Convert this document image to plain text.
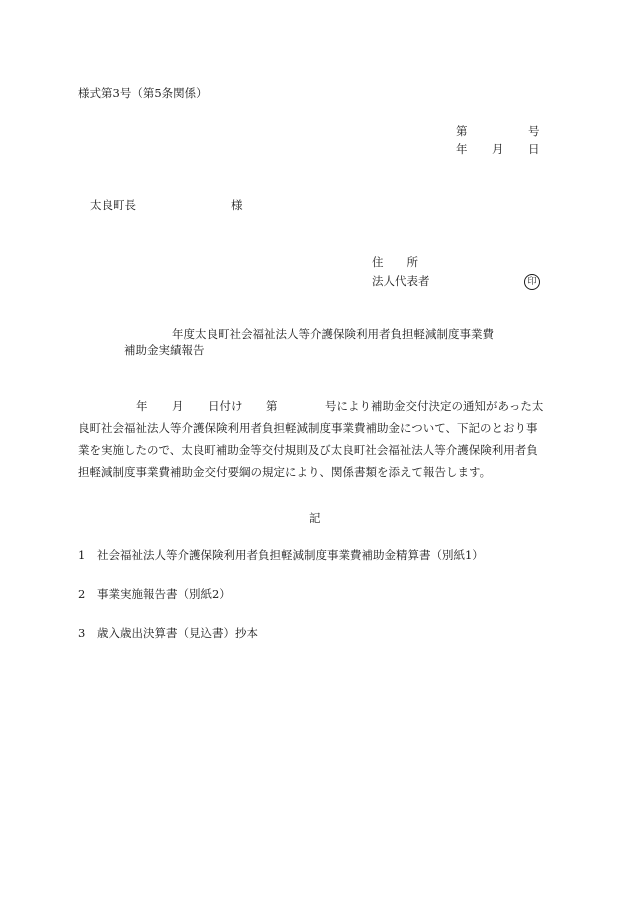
様式第3号（第5条関係）
第	号
年 月 日
太良町長	様
住　　所
法人代表者	印
年度太良町社会福祉法人等介護保険利用者負担軽減制度事業費
補助金実績報告

年 月 日付け 第	号により補助金交付決定の通知があった太

良町社会福祉法人等介護保険利用者負担軽減制度事業費補助金について、下記のとおり事

業を実施したので、太良町補助金等交付規則及び太良町社会福祉法人等介護保険利用者負

担軽減制度事業費補助金交付要綱の規定により、関係書類を添えて報告します。

記
1 社会福祉法人等介護保険利用者負担軽減制度事業費補助金精算書（別紙1）
2 事業実施報告書（別紙2）
3 歳入歳出決算書（見込書）抄本
